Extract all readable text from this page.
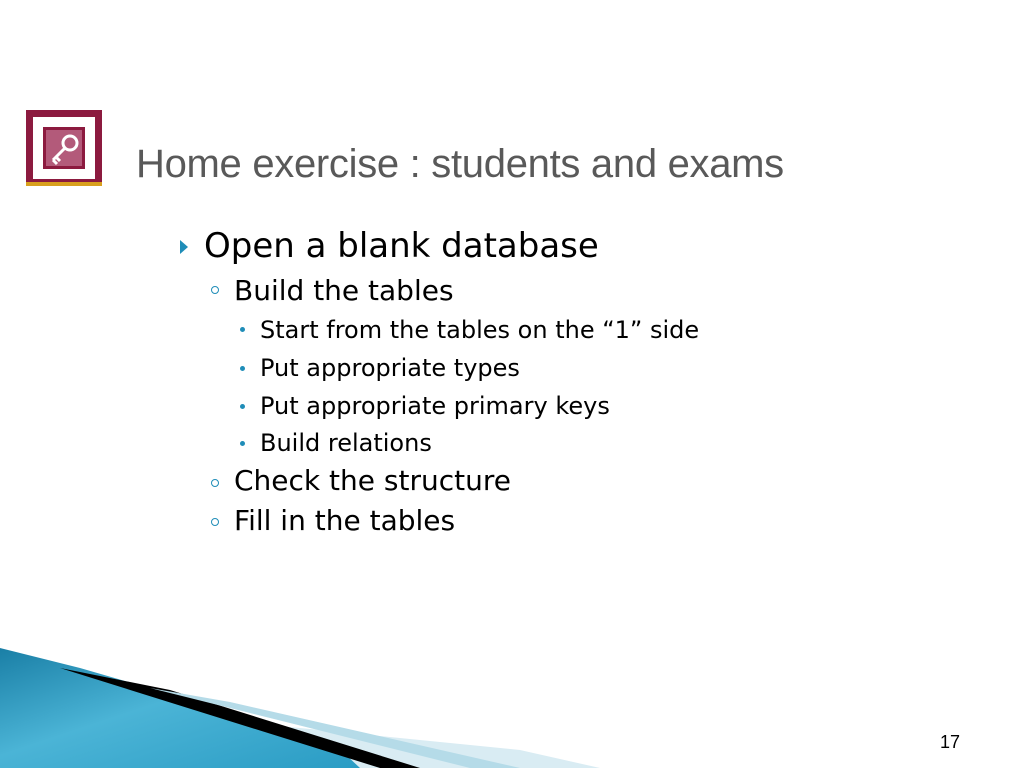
Home exercise : students and exams
Open a blank database
Build the tables
Start from the tables on the “1” side
Put appropriate types
Put appropriate primary keys
Build relations
Check the structure
Fill in the tables
17
